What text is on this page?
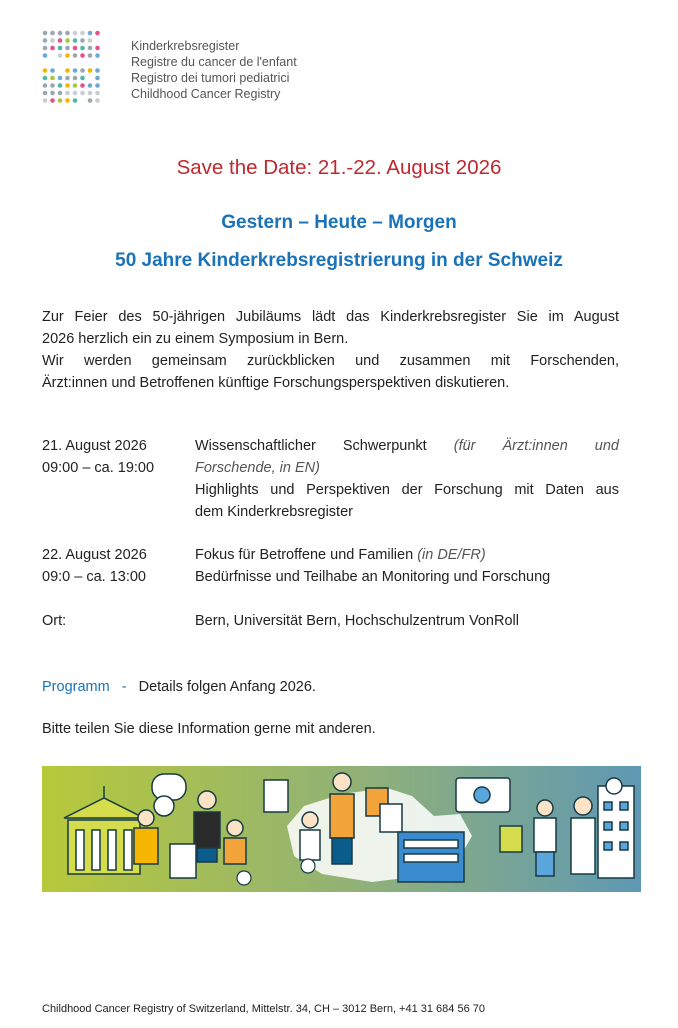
Kinderkrebsregister
Registre du cancer de l'enfant
Registro dei tumori pediatrici
Childhood Cancer Registry
Save the Date: 21.-22. August 2026
Gestern – Heute – Morgen
50 Jahre Kinderkrebsregistrierung in der Schweiz
Zur Feier des 50-jährigen Jubiläums lädt das Kinderkrebsregister Sie im August
2026 herzlich ein zu einem Symposium in Bern.
Wir werden gemeinsam zurückblicken und zusammen mit Forschenden,
Ärzt:innen und Betroffenen künftige Forschungsperspektiven diskutieren.
21. August 2026
09:00 – ca. 19:00
Wissenschaftlicher Schwerpunkt (für Ärzt:innen und
Forschende, in EN)
Highlights und Perspektiven der Forschung mit Daten aus
dem Kinderkrebsregister
22. August 2026
09:0 – ca. 13:00
Fokus für Betroffene und Familien (in DE/FR)
Bedürfnisse und Teilhabe an Monitoring und Forschung
Ort:	Bern, Universität Bern, Hochschulzentrum VonRoll
Programm - Details folgen Anfang 2026.
Bitte teilen Sie diese Information gerne mit anderen.
Childhood Cancer Registry of Switzerland, Mittelstr. 34, CH – 3012 Bern, +41 31 684 56 70
